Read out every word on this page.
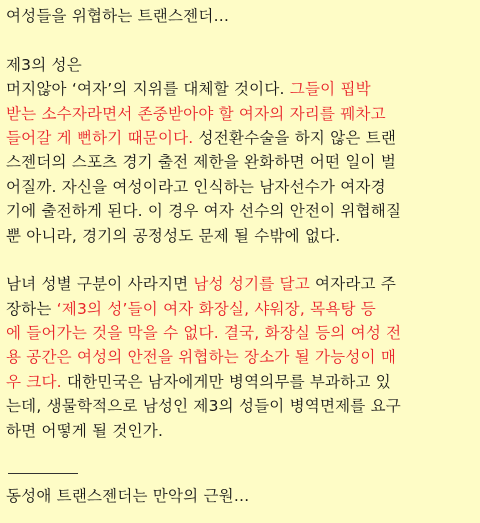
여성들을 위협하는 트랜스젠더…
제3의 성은
머지않아 ‘여자’의 지위를 대체할 것이다. 그들이 핍박
받는 소수자라면서 존중받아야 할 여자의 자리를 꿰차고
들어갈 게 뻔하기 때문이다. 성전환수술을 하지 않은 트랜
스젠더의 스포츠 경기 출전 제한을 완화하면 어떤 일이 벌
어질까. 자신을 여성이라고 인식하는 남자선수가 여자경
기에 출전하게 된다. 이 경우 여자 선수의 안전이 위협해질
뿐 아니라, 경기의 공정성도 문제 될 수밖에 없다.
남녀 성별 구분이 사라지면 남성 성기를 달고 여자라고 주
장하는 ‘제3의 성’들이 여자 화장실, 샤워장, 목욕탕 등
에 들어가는 것을 막을 수 없다. 결국, 화장실 등의 여성 전
용 공간은 여성의 안전을 위협하는 장소가 될 가능성이 매
우 크다. 대한민국은 남자에게만 병역의무를 부과하고 있
는데, 생물학적으로 남성인 제3의 성들이 병역면제를 요구
하면 어떻게 될 것인가.
동성애 트랜스젠더는 만악의 근원…
